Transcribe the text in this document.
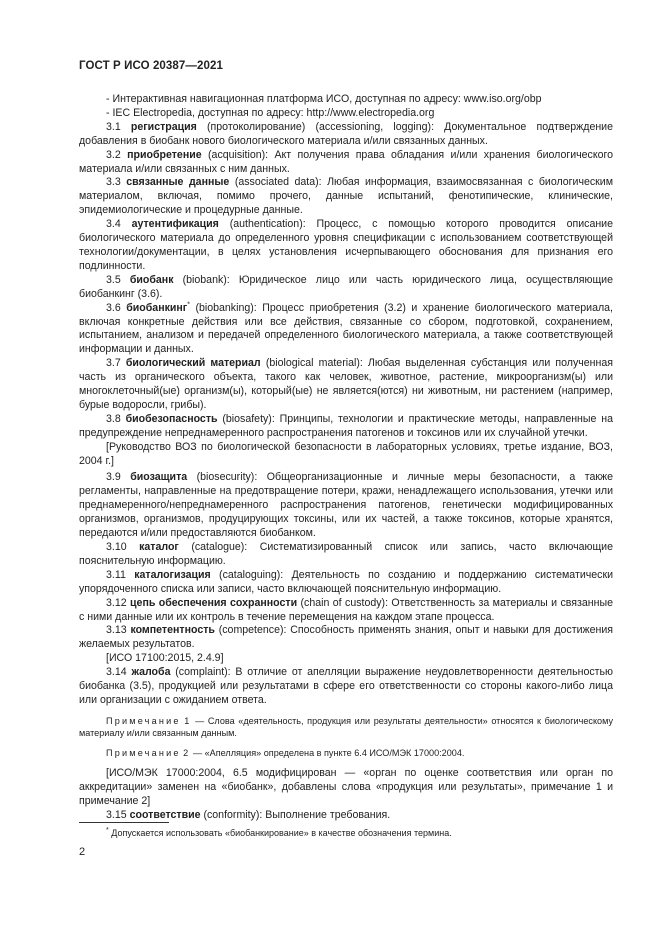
ГОСТ Р ИСО 20387—2021

- Интерактивная навигационная платформа ИСО, доступная по адресу: www.iso.org/obp

- IEC Electropedia, доступная по адресу: http://www.electropedia.org

3.1 регистрация (протоколирование) (accessioning, logging): Документальное подтверждение добавления в биобанк нового биологического материала и/или связанных данных.

3.2 приобретение (acquisition): Акт получения права обладания и/или хранения биологического материала и/или связанных с ним данных.

3.3 связанные данные (associated data): Любая информация, взаимосвязанная с биологическим материалом, включая, помимо прочего, данные испытаний, фенотипические, клинические, эпидемиологические и процедурные данные.

3.4 аутентификация (authentication): Процесс, с помощью которого проводится описание биологического материала до определенного уровня спецификации с использованием соответствующей технологии/документации, в целях установления исчерпывающего обоснования для признания его подлинности.

3.5 биобанк (biobank): Юридическое лицо или часть юридического лица, осуществляющие биобанкинг (3.6).

3.6 биобанкинг* (biobanking): Процесс приобретения (3.2) и хранение биологического материала, включая конкретные действия или все действия, связанные со сбором, подготовкой, сохранением, испытанием, анализом и передачей определенного биологического материала, а также соответствующей информации и данных.

3.7 биологический материал (biological material): Любая выделенная субстанция или полученная часть из органического объекта, такого как человек, животное, растение, микроорганизм(ы) или многоклеточный(ые) организм(ы), который(ые) не является(ются) ни животным, ни растением (например, бурые водоросли, грибы).

3.8 биобезопасность (biosafety): Принципы, технологии и практические методы, направленные на предупреждение непреднамеренного распространения патогенов и токсинов или их случайной утечки.

[Руководство ВОЗ по биологической безопасности в лабораторных условиях, третье издание, ВОЗ, 2004 г.]

3.9 биозащита (biosecurity): Общеорганизационные и личные меры безопасности, а также регламенты, направленные на предотвращение потери, кражи, ненадлежащего использования, утечки или преднамеренного/непреднамеренного распространения патогенов, генетически модифицированных организмов, организмов, продуцирующих токсины, или их частей, а также токсинов, которые хранятся, передаются и/или предоставляются биобанком.

3.10 каталог (catalogue): Систематизированный список или запись, часто включающие пояснительную информацию.

3.11 каталогизация (cataloguing): Деятельность по созданию и поддержанию систематически упорядоченного списка или записи, часто включающей пояснительную информацию.

3.12 цепь обеспечения сохранности (chain of custody): Ответственность за материалы и связанные с ними данные или их контроль в течение перемещения на каждом этапе процесса.

3.13 компетентность (competence): Способность применять знания, опыт и навыки для достижения желаемых результатов.

[ИСО 17100:2015, 2.4.9]

3.14 жалоба (complaint): В отличие от апелляции выражение неудовлетворенности деятельностью биобанка (3.5), продукцией или результатами в сфере его ответственности со стороны какого-либо лица или организации с ожиданием ответа.

Примечание 1 — Слова «деятельность, продукция или результаты деятельности» относятся к биологическому материалу и/или связанным данным.

Примечание 2 — «Апелляция» определена в пункте 6.4 ИСО/МЭК 17000:2004.

[ИСО/МЭК 17000:2004, 6.5 модифицирован — «орган по оценке соответствия или орган по аккредитации» заменен на «биобанк», добавлены слова «продукция или результаты», примечание 1 и примечание 2]

3.15 соответствие (conformity): Выполнение требования.

* Допускается использовать «биобанкирование» в качестве обозначения термина.
2
